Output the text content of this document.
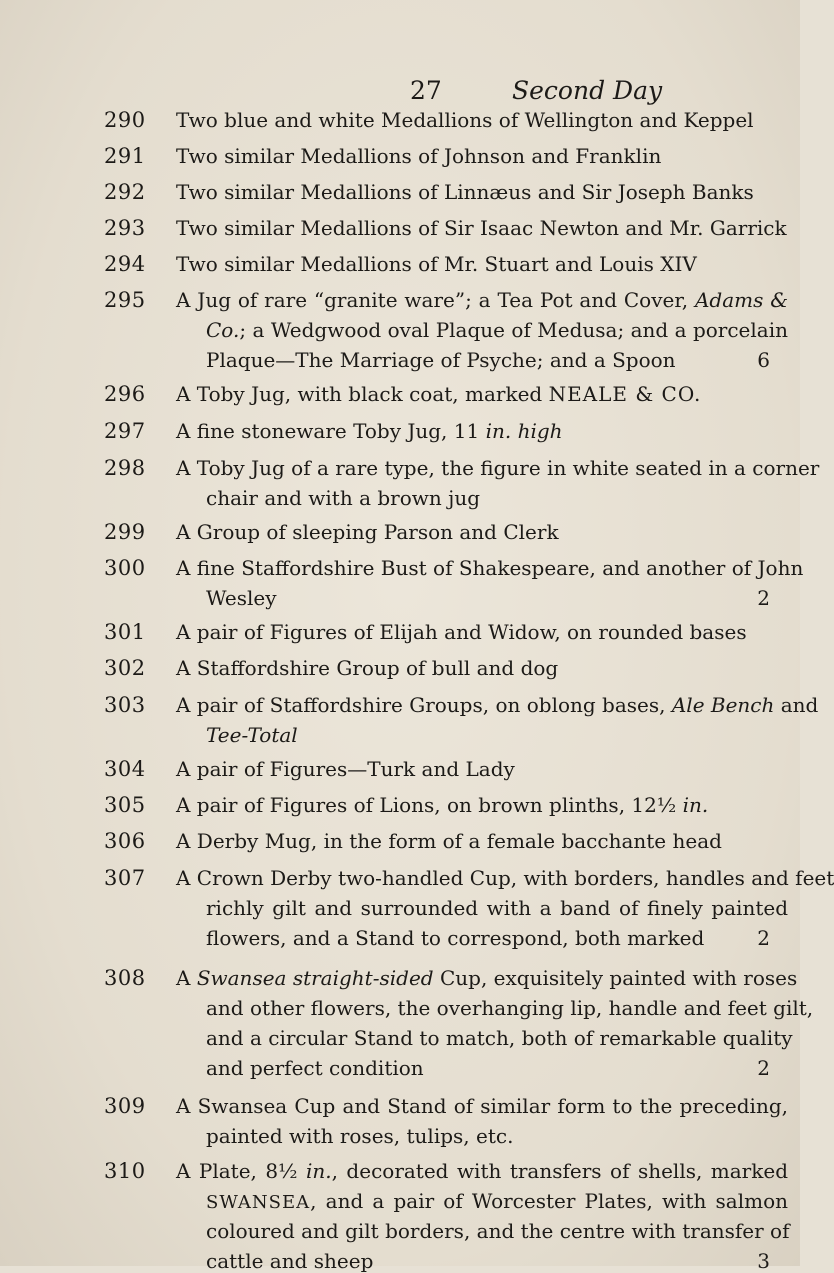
27	Second Day
290	Two blue and white Medallions of Wellington and Keppel
291	Two similar Medallions of Johnson and Franklin
292	Two similar Medallions of Linnæus and Sir Joseph Banks
293	Two similar Medallions of Sir Isaac Newton and Mr. Garrick
294	Two similar Medallions of Mr. Stuart and Louis XIV
295	A Jug of rare “granite ware”; a Tea Pot and Cover, Adams &
Co.; a Wedgwood oval Plaque of Medusa; and a porcelain
Plaque—The Marriage of Psyche; and a Spoon	6
296	A Toby Jug, with black coat, marked NEALE & CO.
297	A fine stoneware Toby Jug, 11 in. high
298	A Toby Jug of a rare type, the figure in white seated in a corner
chair and with a brown jug
299	A Group of sleeping Parson and Clerk
300	A fine Staffordshire Bust of Shakespeare, and another of John
Wesley	2
301	A pair of Figures of Elijah and Widow, on rounded bases
302	A Staffordshire Group of bull and dog
303	A pair of Staffordshire Groups, on oblong bases, Ale Bench and
Tee-Total
304	A pair of Figures—Turk and Lady
305	A pair of Figures of Lions, on brown plinths, 12½ in.
306	A Derby Mug, in the form of a female bacchante head
307	A Crown Derby two-handled Cup, with borders, handles and feet
richly gilt and surrounded with a band of finely painted
flowers, and a Stand to correspond, both marked	2
308	A Swansea straight-sided Cup, exquisitely painted with roses
and other flowers, the overhanging lip, handle and feet gilt,
and a circular Stand to match, both of remarkable quality
and perfect condition	2
309	A Swansea Cup and Stand of similar form to the preceding,
painted with roses, tulips, etc.
310	A Plate, 8½ in., decorated with transfers of shells, marked
SWANSEA, and a pair of Worcester Plates, with salmon
coloured and gilt borders, and the centre with transfer of
cattle and sheep	3
